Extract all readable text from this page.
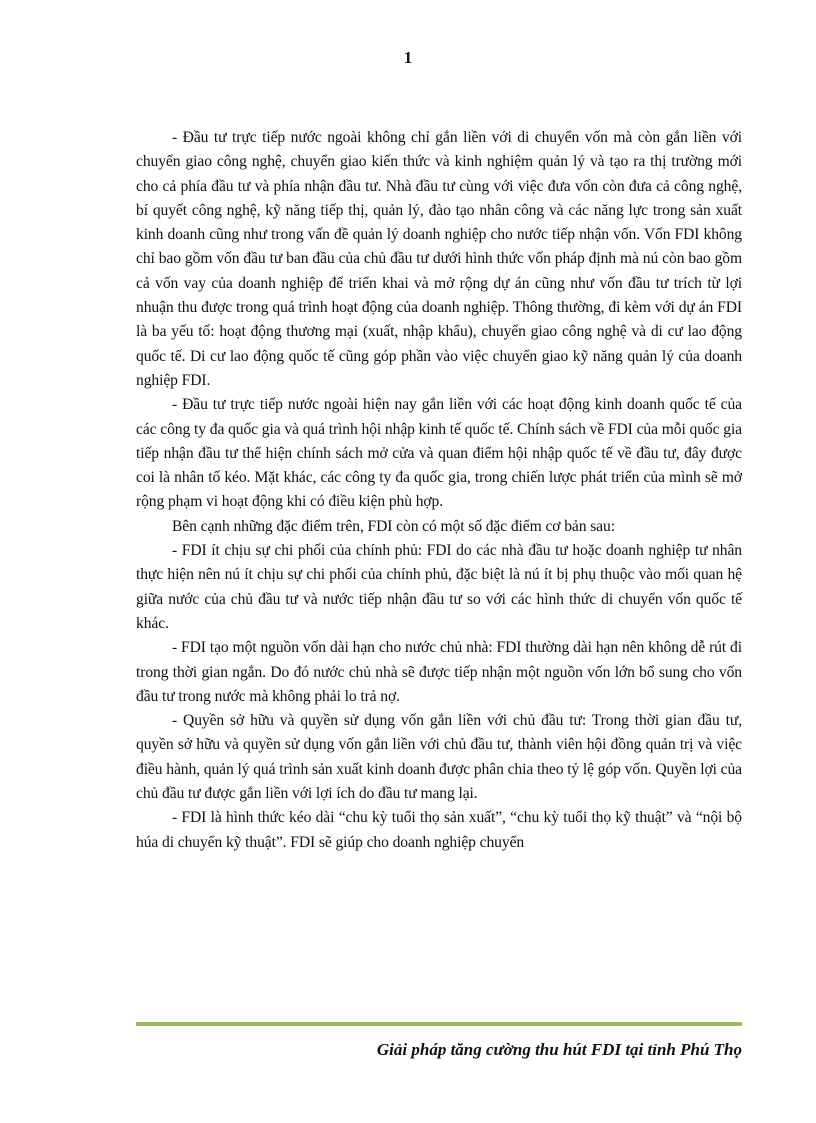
1

- Đầu tư trực tiếp nước ngoài không chỉ gắn liền với di chuyển vốn mà còn gắn liền với chuyển giao công nghệ, chuyển giao kiến thức và kinh nghiệm quản lý và tạo ra thị trường mới cho cả phía đầu tư và phía nhận đầu tư. Nhà đầu tư cùng với việc đưa vốn còn đưa cả công nghệ, bí quyết công nghệ, kỹ năng tiếp thị, quản lý, đào tạo nhân công và các năng lực trong sản xuất kinh doanh cũng như trong vấn đề quản lý doanh nghiệp cho nước tiếp nhận vốn. Vốn FDI không chỉ bao gồm vốn đầu tư ban đầu của chủ đầu tư dưới hình thức vốn pháp định mà nú còn bao gồm cả vốn vay của doanh nghiệp để triển khai và mở rộng dự án cũng như vốn đầu tư trích từ lợi nhuận thu được trong quá trình hoạt động của doanh nghiệp. Thông thường, đi kèm với dự án FDI là ba yếu tố: hoạt động thương mại (xuất, nhập khẩu), chuyển giao công nghệ và di cư lao động quốc tế. Di cư lao động quốc tế cũng góp phần vào việc chuyển giao kỹ năng quản lý của doanh nghiệp FDI.

- Đầu tư trực tiếp nước ngoài hiện nay gắn liền với các hoạt động kinh doanh quốc tế của các công ty đa quốc gia và quá trình hội nhập kinh tế quốc tế. Chính sách về FDI của mỗi quốc gia tiếp nhận đầu tư thể hiện chính sách mở cửa và quan điểm hội nhập quốc tế về đầu tư, đây được coi là nhân tố kéo. Mặt khác, các công ty đa quốc gia, trong chiến lược phát triển của mình sẽ mở rộng phạm vi hoạt động khi có điều kiện phù hợp.

Bên cạnh những đặc điểm trên, FDI còn có một số đặc điểm cơ bản sau:

- FDI ít chịu sự chi phối của chính phủ: FDI do các nhà đầu tư hoặc doanh nghiệp tư nhân thực hiện nên nú ít chịu sự chi phối của chính phủ, đặc biệt là nú ít bị phụ thuộc vào mối quan hệ giữa nước của chủ đầu tư và nước tiếp nhận đầu tư so với các hình thức di chuyển vốn quốc tế khác.

- FDI tạo một nguồn vốn dài hạn cho nước chủ nhà: FDI thường dài hạn nên không dễ rút đi trong thời gian ngắn. Do đó nước chủ nhà sẽ được tiếp nhận một nguồn vốn lớn bổ sung cho vốn đầu tư trong nước mà không phải lo trả nợ.

- Quyền sở hữu và quyền sử dụng vốn gắn liền với chủ đầu tư: Trong thời gian đầu tư, quyền sở hữu và quyền sử dụng vốn gắn liền với chủ đầu tư, thành viên hội đồng quản trị và việc điều hành, quản lý quá trình sản xuất kinh doanh được phân chia theo tỷ lệ góp vốn. Quyền lợi của chủ đầu tư được gắn liền với lợi ích do đầu tư mang lại.

- FDI là hình thức kéo dài “chu kỳ tuổi thọ sản xuất”, “chu kỳ tuổi thọ kỹ thuật” và “nội bộ húa di chuyển kỹ thuật”. FDI sẽ giúp cho doanh nghiệp chuyển

Giải pháp tăng cường thu hút FDI tại tỉnh Phú Thọ
